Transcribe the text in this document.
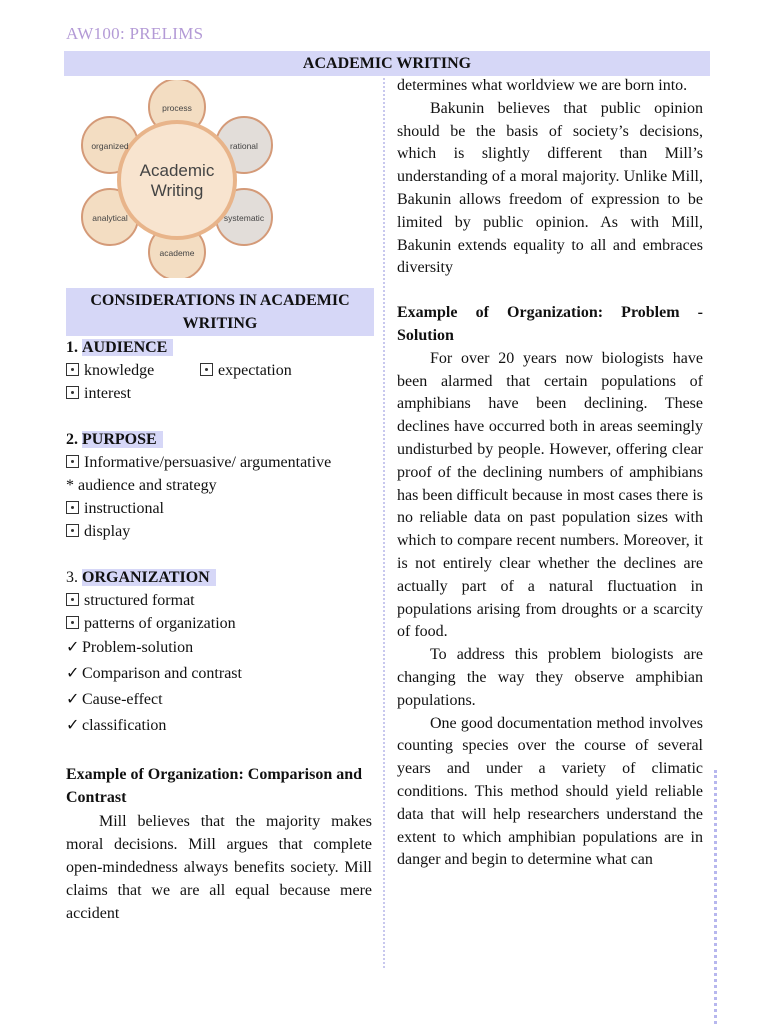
AW100: PRELIMS
ACADEMIC WRITING
process
rational
systematic
academe
analytical
organized
Academic
Writing
CONSIDERATIONS IN ACADEMIC WRITING

1. AUDIENCE

knowledge	expectation

interest

2. PURPOSE

Informative/persuasive/ argumentative

* audience and strategy

instructional

display

3. ORGANIZATION

structured format

patterns of organization

✓ Problem-solution

✓ Comparison and contrast

✓ Cause-effect

✓ classification

Example of Organization: Comparison and Contrast

Mill believes that the majority makes moral decisions. Mill argues that complete open-mindedness always benefits society. Mill claims that we are all equal because mere accident

determines what worldview we are born into.

Bakunin believes that public opinion should be the basis of society’s decisions, which is slightly different than Mill’s understanding of a moral majority. Unlike Mill, Bakunin allows freedom of expression to be limited by public opinion. As with Mill, Bakunin extends equality to all and embraces diversity

Example of Organization: Problem - Solution

For over 20 years now biologists have been alarmed that certain populations of amphibians have been declining. These declines have occurred both in areas seemingly undisturbed by people. However, offering clear proof of the declining numbers of amphibians has been difficult because in most cases there is no reliable data on past population sizes with which to compare recent numbers. Moreover, it is not entirely clear whether the declines are actually part of a natural fluctuation in populations arising from droughts or a scarcity of food.

To address this problem biologists are changing the way they observe amphibian populations.

One good documentation method involves counting species over the course of several years and under a variety of climatic conditions. This method should yield reliable data that will help researchers understand the extent to which amphibian populations are in danger and begin to determine what can
